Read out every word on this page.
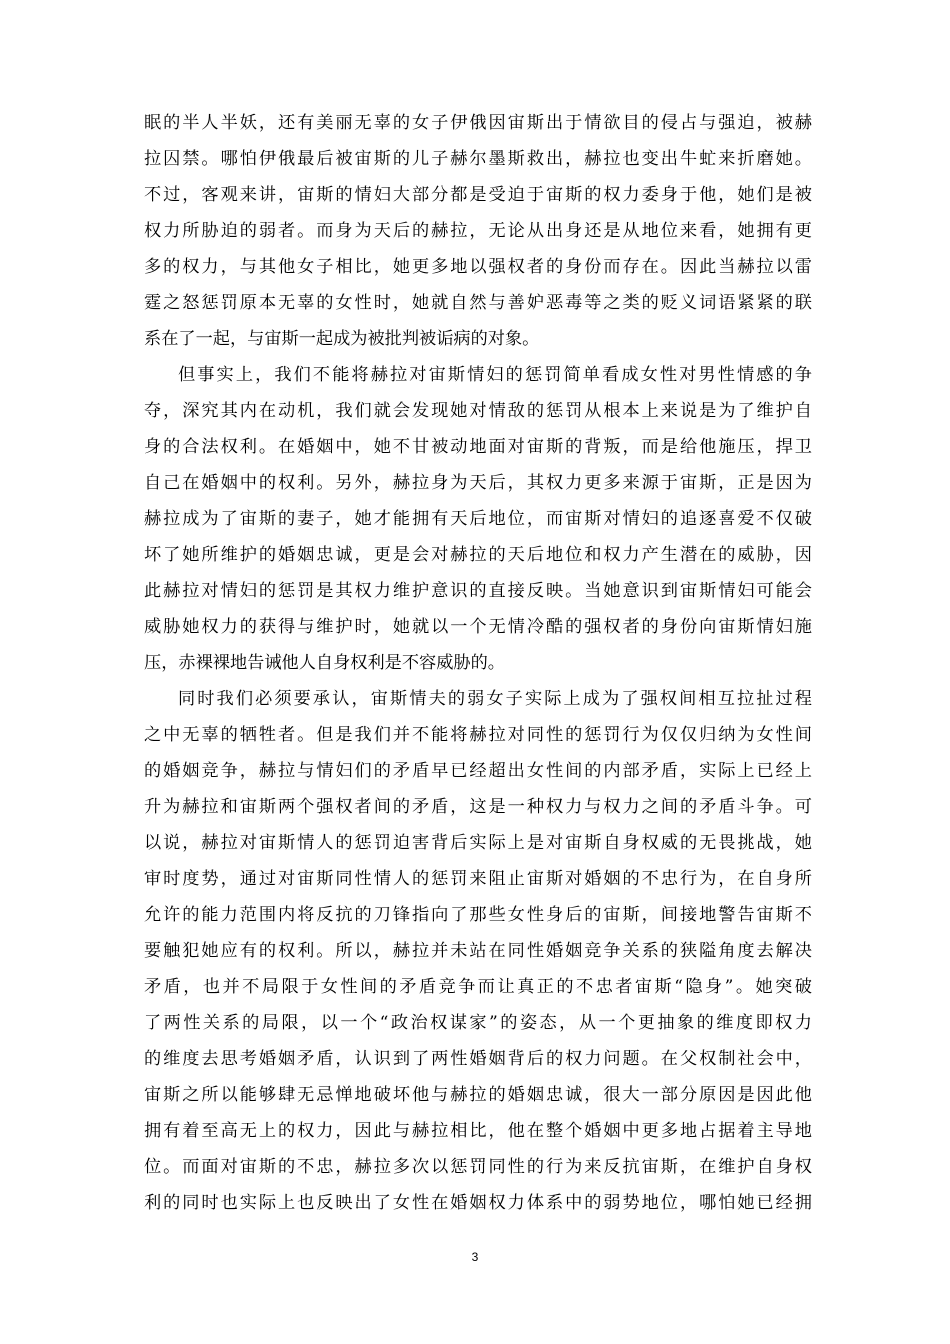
眠的半人半妖，还有美丽无辜的女子伊俄因宙斯出于情欲目的侵占与强迫，被赫
拉囚禁。哪怕伊俄最后被宙斯的儿子赫尔墨斯救出，赫拉也变出牛虻来折磨她。
不过，客观来讲，宙斯的情妇大部分都是受迫于宙斯的权力委身于他，她们是被
权力所胁迫的弱者。而身为天后的赫拉，无论从出身还是从地位来看，她拥有更
多的权力，与其他女子相比，她更多地以强权者的身份而存在。因此当赫拉以雷
霆之怒惩罚原本无辜的女性时，她就自然与善妒恶毒等之类的贬义词语紧紧的联
系在了一起，与宙斯一起成为被批判被诟病的对象。
但事实上，我们不能将赫拉对宙斯情妇的惩罚简单看成女性对男性情感的争
夺，深究其内在动机，我们就会发现她对情敌的惩罚从根本上来说是为了维护自
身的合法权利。在婚姻中，她不甘被动地面对宙斯的背叛，而是给他施压，捍卫
自己在婚姻中的权利。另外，赫拉身为天后，其权力更多来源于宙斯，正是因为
赫拉成为了宙斯的妻子，她才能拥有天后地位，而宙斯对情妇的追逐喜爱不仅破
坏了她所维护的婚姻忠诚，更是会对赫拉的天后地位和权力产生潜在的威胁，因
此赫拉对情妇的惩罚是其权力维护意识的直接反映。当她意识到宙斯情妇可能会
威胁她权力的获得与维护时，她就以一个无情冷酷的强权者的身份向宙斯情妇施
压，赤裸裸地告诫他人自身权利是不容威胁的。
同时我们必须要承认，宙斯情夫的弱女子实际上成为了强权间相互拉扯过程
之中无辜的牺牲者。但是我们并不能将赫拉对同性的惩罚行为仅仅归纳为女性间
的婚姻竞争，赫拉与情妇们的矛盾早已经超出女性间的内部矛盾，实际上已经上
升为赫拉和宙斯两个强权者间的矛盾，这是一种权力与权力之间的矛盾斗争。可
以说，赫拉对宙斯情人的惩罚迫害背后实际上是对宙斯自身权威的无畏挑战，她
审时度势，通过对宙斯同性情人的惩罚来阻止宙斯对婚姻的不忠行为，在自身所
允许的能力范围内将反抗的刀锋指向了那些女性身后的宙斯，间接地警告宙斯不
要触犯她应有的权利。所以，赫拉并未站在同性婚姻竞争关系的狭隘角度去解决
矛盾，也并不局限于女性间的矛盾竞争而让真正的不忠者宙斯“隐身”。她突破
了两性关系的局限，以一个“政治权谋家”的姿态，从一个更抽象的维度即权力
的维度去思考婚姻矛盾，认识到了两性婚姻背后的权力问题。在父权制社会中，
宙斯之所以能够肆无忌惮地破坏他与赫拉的婚姻忠诚，很大一部分原因是因此他
拥有着至高无上的权力，因此与赫拉相比，他在整个婚姻中更多地占据着主导地
位。而面对宙斯的不忠，赫拉多次以惩罚同性的行为来反抗宙斯，在维护自身权
利的同时也实际上也反映出了女性在婚姻权力体系中的弱势地位，哪怕她已经拥
3
